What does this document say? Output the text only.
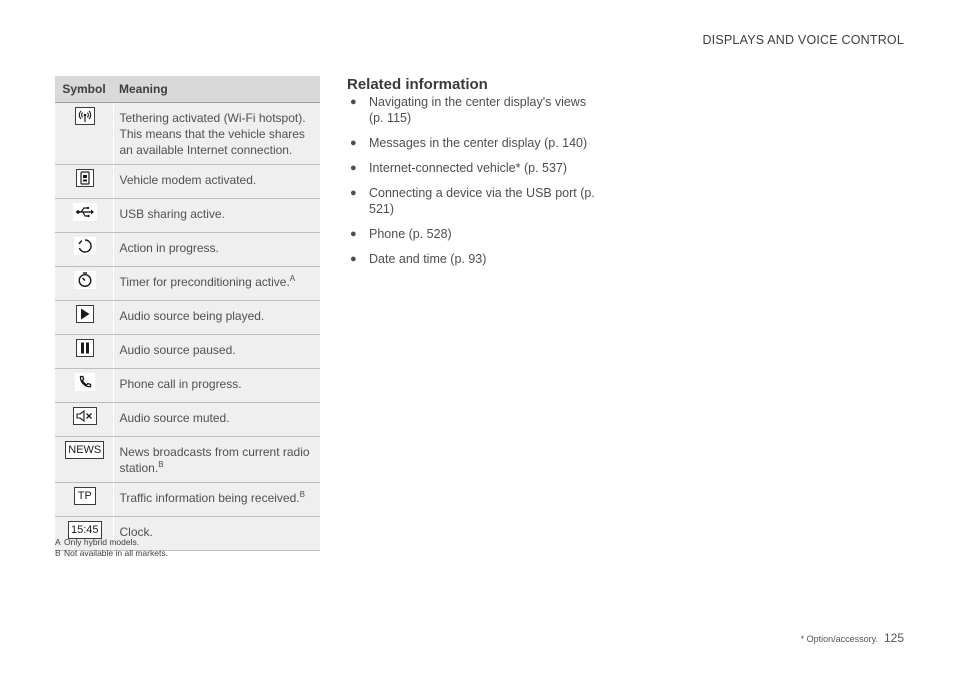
DISPLAYS AND VOICE CONTROL
Symbol	Meaning

	Tethering activated (Wi-Fi hotspot). This means that the vehicle shares an available Internet connection.

	Vehicle modem activated.

	USB sharing active.

	Action in progress.

	Timer for preconditioning active.$^A$

	Audio source being played.

	Audio source paused.

	Phone call in progress.

	Audio source muted.
NEWS	News broadcasts from current radio station.$^B$
TP	Traffic information being received.$^B$
15:45	Clock.
A Only hybrid models.
B Not available in all markets.
Related information
● Navigating in the center display's views (p. 115)
● Messages in the center display (p. 140)
● Internet-connected vehicle* (p. 537)
● Connecting a device via the USB port (p. 521)
● Phone (p. 528)
● Date and time (p. 93)
* Option/accessory. 125
